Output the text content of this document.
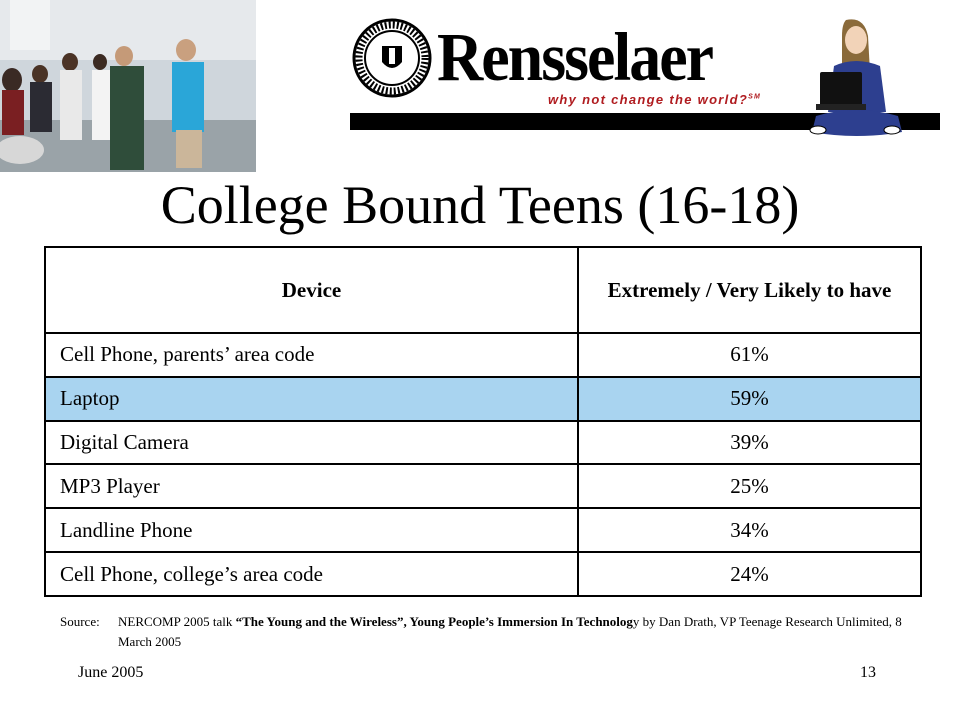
Rensselaer
why not change the world?℠
College Bound Teens (16-18)
Device	Extremely / Very Likely to have
Cell Phone, parents’ area code	61%
Laptop	59%
Digital Camera	39%
MP3 Player	25%
Landline Phone	34%
Cell Phone, college’s area code	24%
Source: NERCOMP 2005 talk “The Young and the Wireless”, Young People’s Immersion In Technology by Dan Drath, VP Teenage Research Unlimited, 8 March 2005
June 2005	13
